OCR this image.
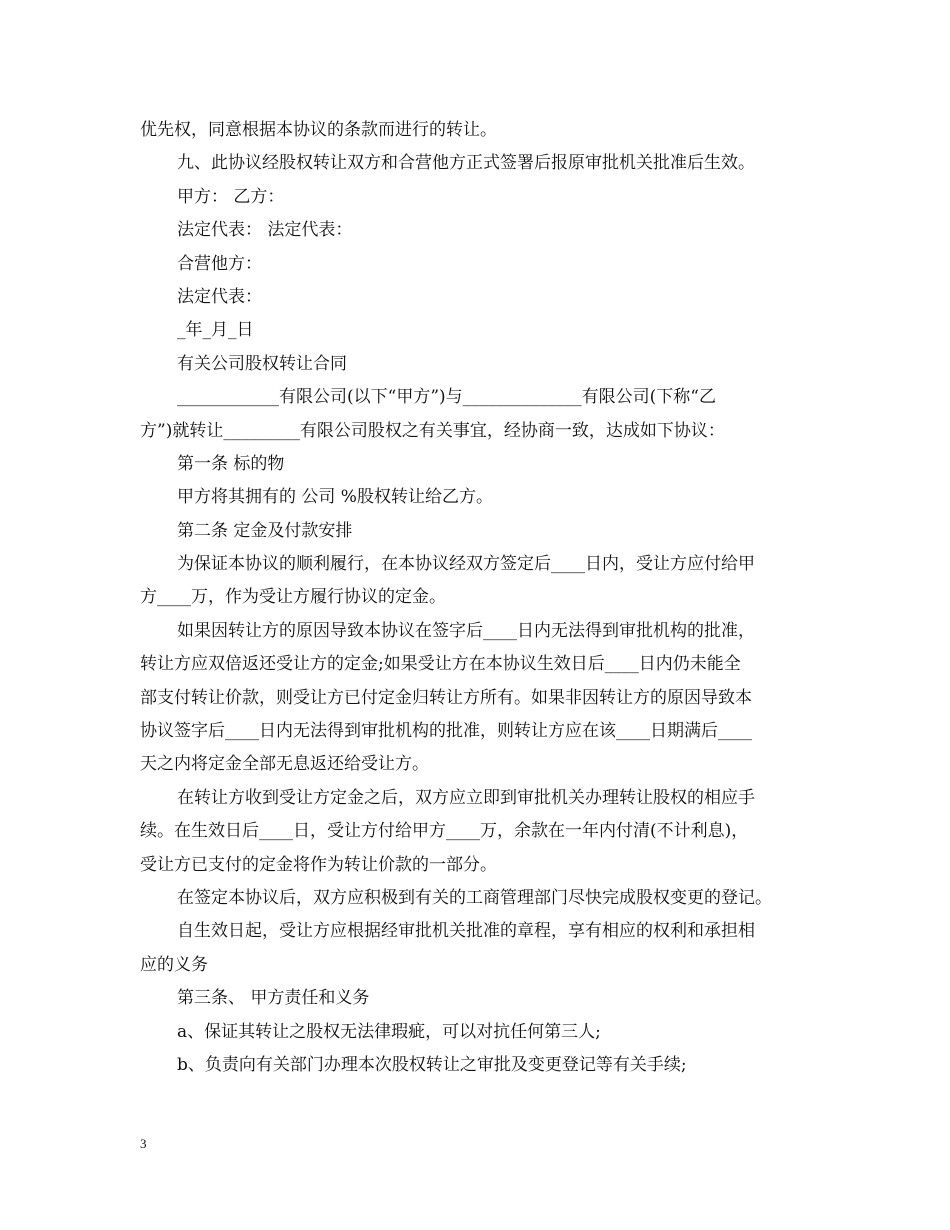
优先权，同意根据本协议的条款而进行的转让。
九、此协议经股权转让双方和合营他方正式签署后报原审批机关批准后生效。
甲方： 乙方：
法定代表： 法定代表：
合营他方：
法定代表：
_年_月_日
有关公司股权转让合同
____________有限公司(以下“甲方”)与______________有限公司(下称“乙
方”)就转让_________有限公司股权之有关事宜，经协商一致，达成如下协议：
第一条 标的物
甲方将其拥有的 公司 %股权转让给乙方。
第二条 定金及付款安排
为保证本协议的顺利履行，在本协议经双方签定后____日内，受让方应付给甲
方____万，作为受让方履行协议的定金。
如果因转让方的原因导致本协议在签字后____日内无法得到审批机构的批准，
转让方应双倍返还受让方的定金;如果受让方在本协议生效日后____日内仍未能全
部支付转让价款，则受让方已付定金归转让方所有。如果非因转让方的原因导致本
协议签字后____日内无法得到审批机构的批准，则转让方应在该____日期满后____
天之内将定金全部无息返还给受让方。
在转让方收到受让方定金之后，双方应立即到审批机关办理转让股权的相应手
续。在生效日后____日，受让方付给甲方____万，余款在一年内付清(不计利息)，
受让方已支付的定金将作为转让价款的一部分。
在签定本协议后，双方应积极到有关的工商管理部门尽快完成股权变更的登记。
自生效日起，受让方应根据经审批机关批准的章程，享有相应的权利和承担相
应的义务
第三条、 甲方责任和义务
a、保证其转让之股权无法律瑕疵，可以对抗任何第三人;
b、负责向有关部门办理本次股权转让之审批及变更登记等有关手续;
3
